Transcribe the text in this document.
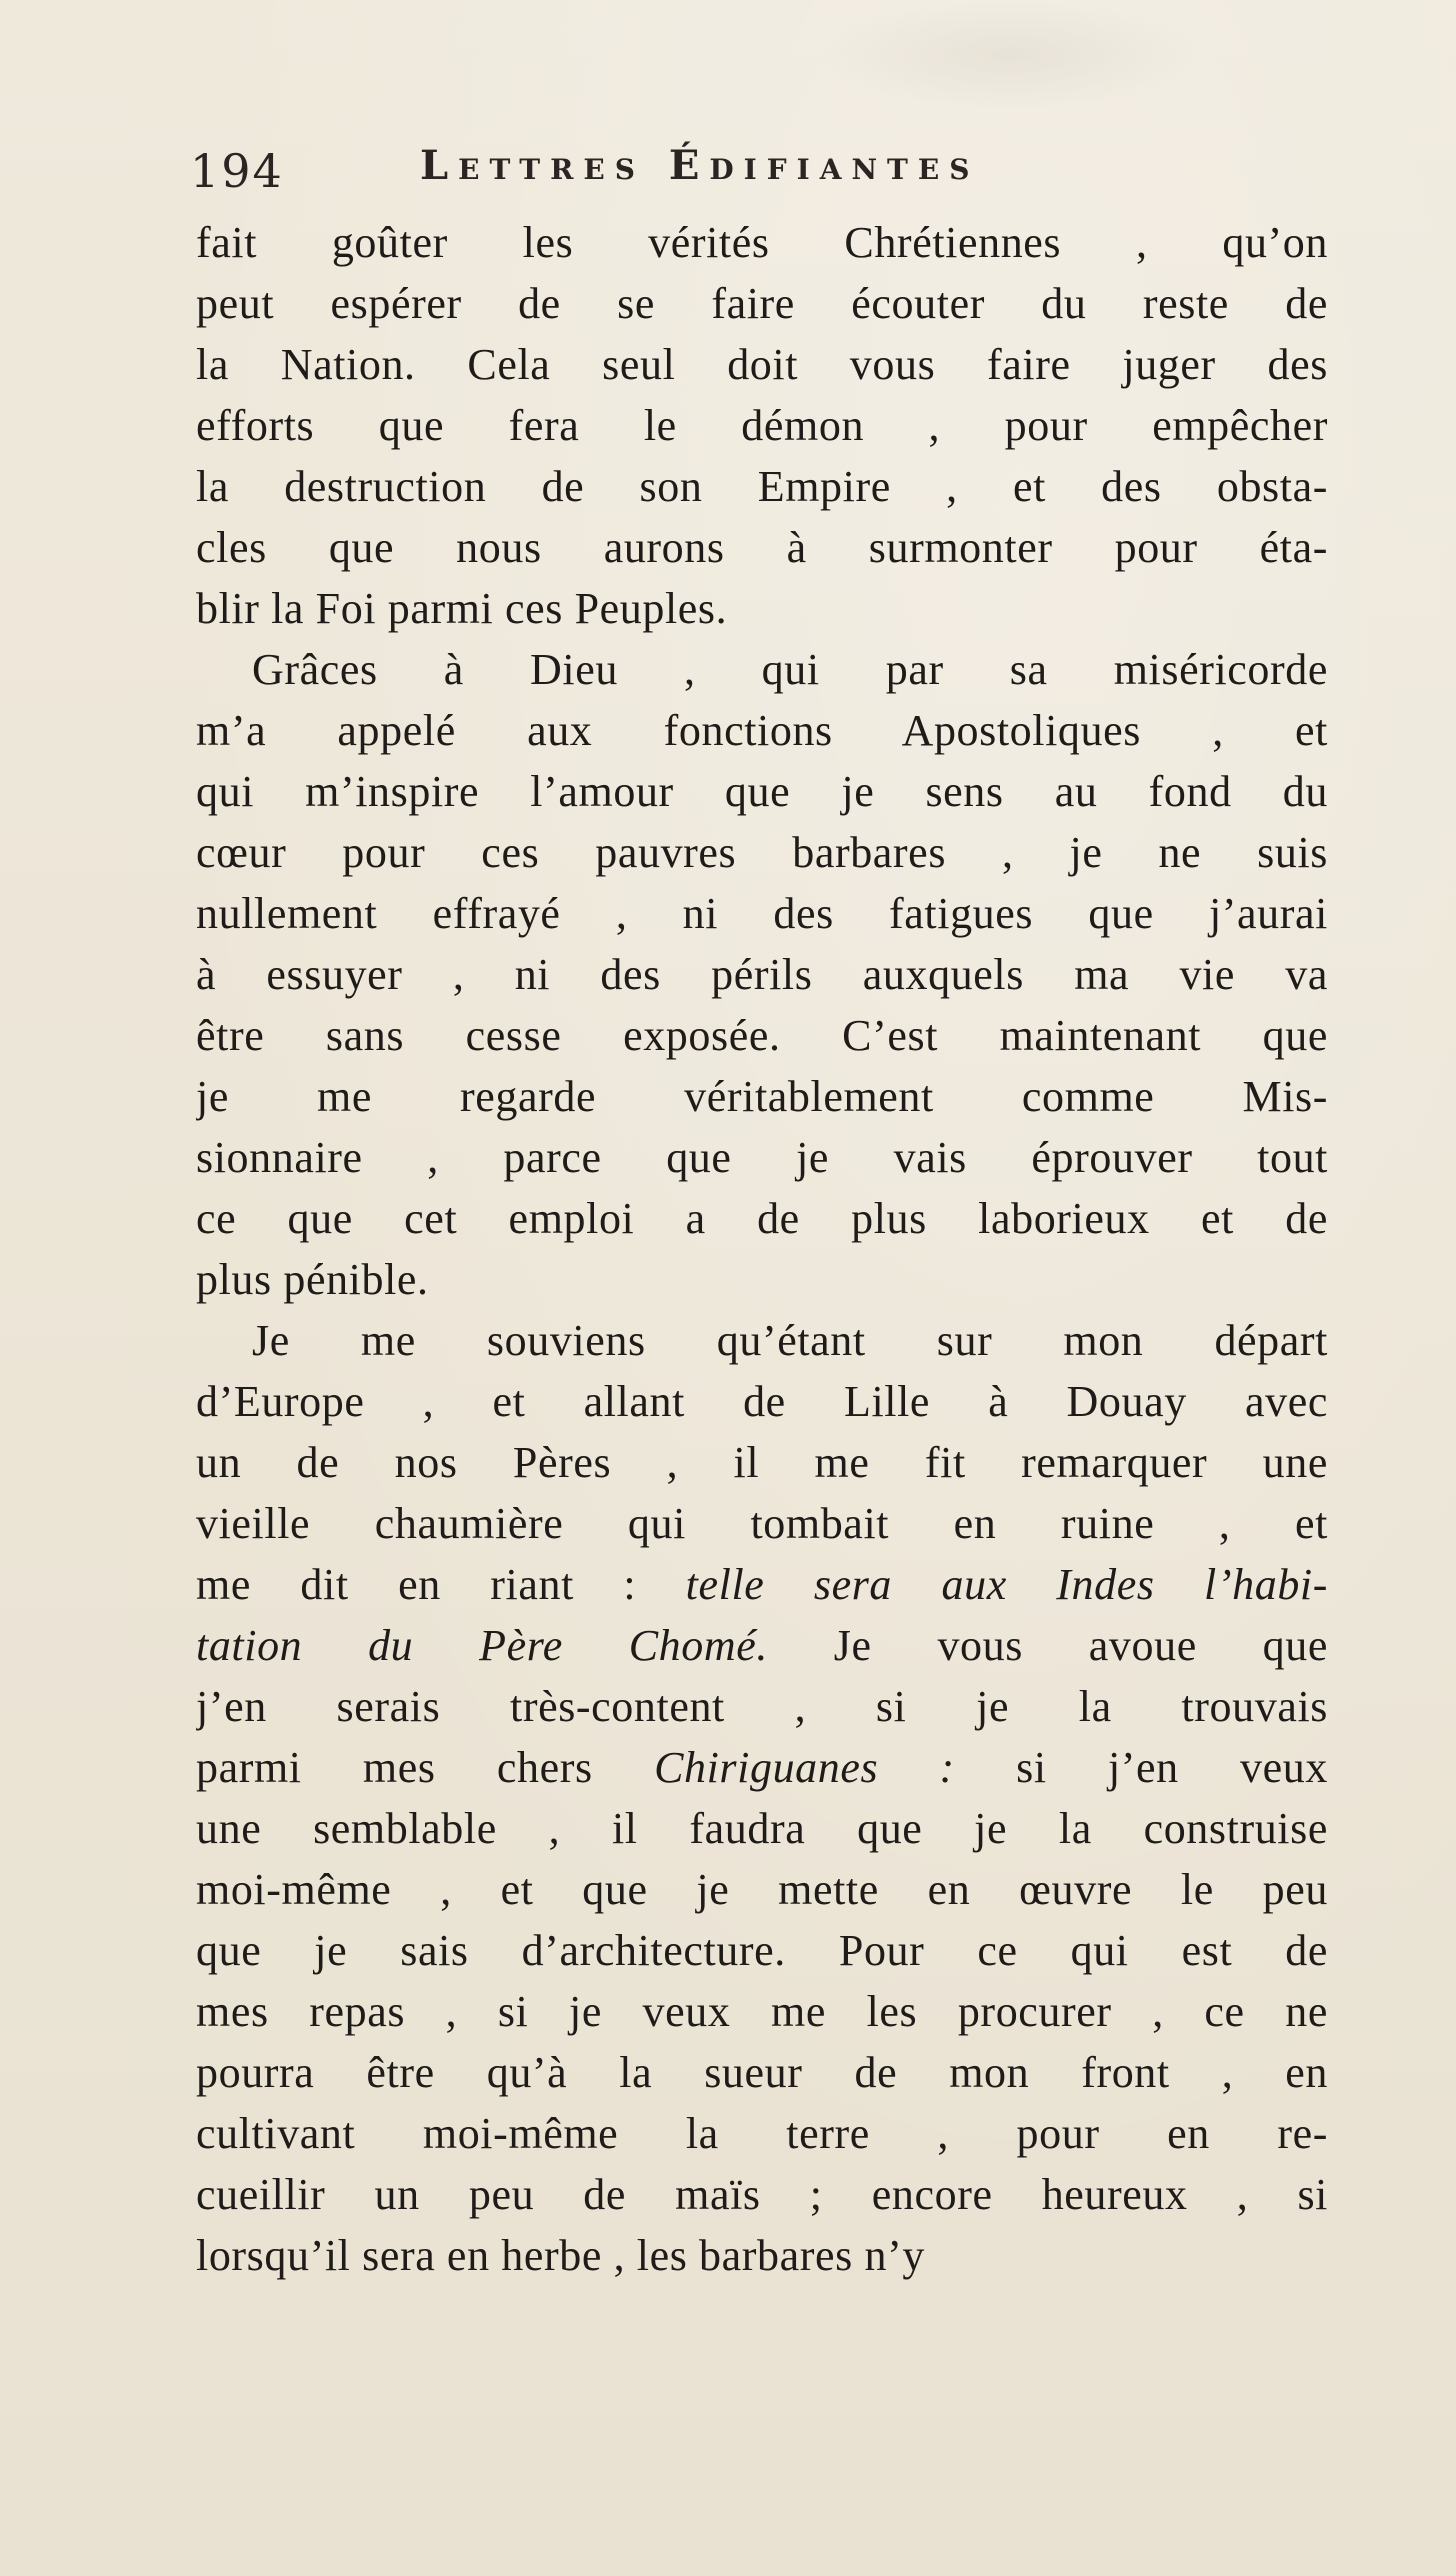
194	Lettres Édifiantes
fait goûter les vérités Chrétiennes , qu’on
peut espérer de se faire écouter du reste de
la Nation. Cela seul doit vous faire juger des
efforts que fera le démon , pour empêcher
la destruction de son Empire , et des obsta-
cles que nous aurons à surmonter pour éta-
blir la Foi parmi ces Peuples.
Grâces à Dieu , qui par sa miséricorde
m’a appelé aux fonctions Apostoliques , et
qui m’inspire l’amour que je sens au fond du
cœur pour ces pauvres barbares , je ne suis
nullement effrayé , ni des fatigues que j’aurai
à essuyer , ni des périls auxquels ma vie va
être sans cesse exposée. C’est maintenant que
je me regarde véritablement comme Mis-
sionnaire , parce que je vais éprouver tout
ce que cet emploi a de plus laborieux et de
plus pénible.
Je me souviens qu’étant sur mon départ
d’Europe , et allant de Lille à Douay avec
un de nos Pères , il me fit remarquer une
vieille chaumière qui tombait en ruine , et
me dit en riant : telle sera aux Indes l’habi-
tation du Père Chomé. Je vous avoue que
j’en serais très-content , si je la trouvais
parmi mes chers Chiriguanes : si j’en veux
une semblable , il faudra que je la construise
moi-même , et que je mette en œuvre le peu
que je sais d’architecture. Pour ce qui est de
mes repas , si je veux me les procurer , ce ne
pourra être qu’à la sueur de mon front , en
cultivant moi-même la terre , pour en re-
cueillir un peu de maïs ; encore heureux , si
lorsqu’il sera en herbe , les barbares n’y
